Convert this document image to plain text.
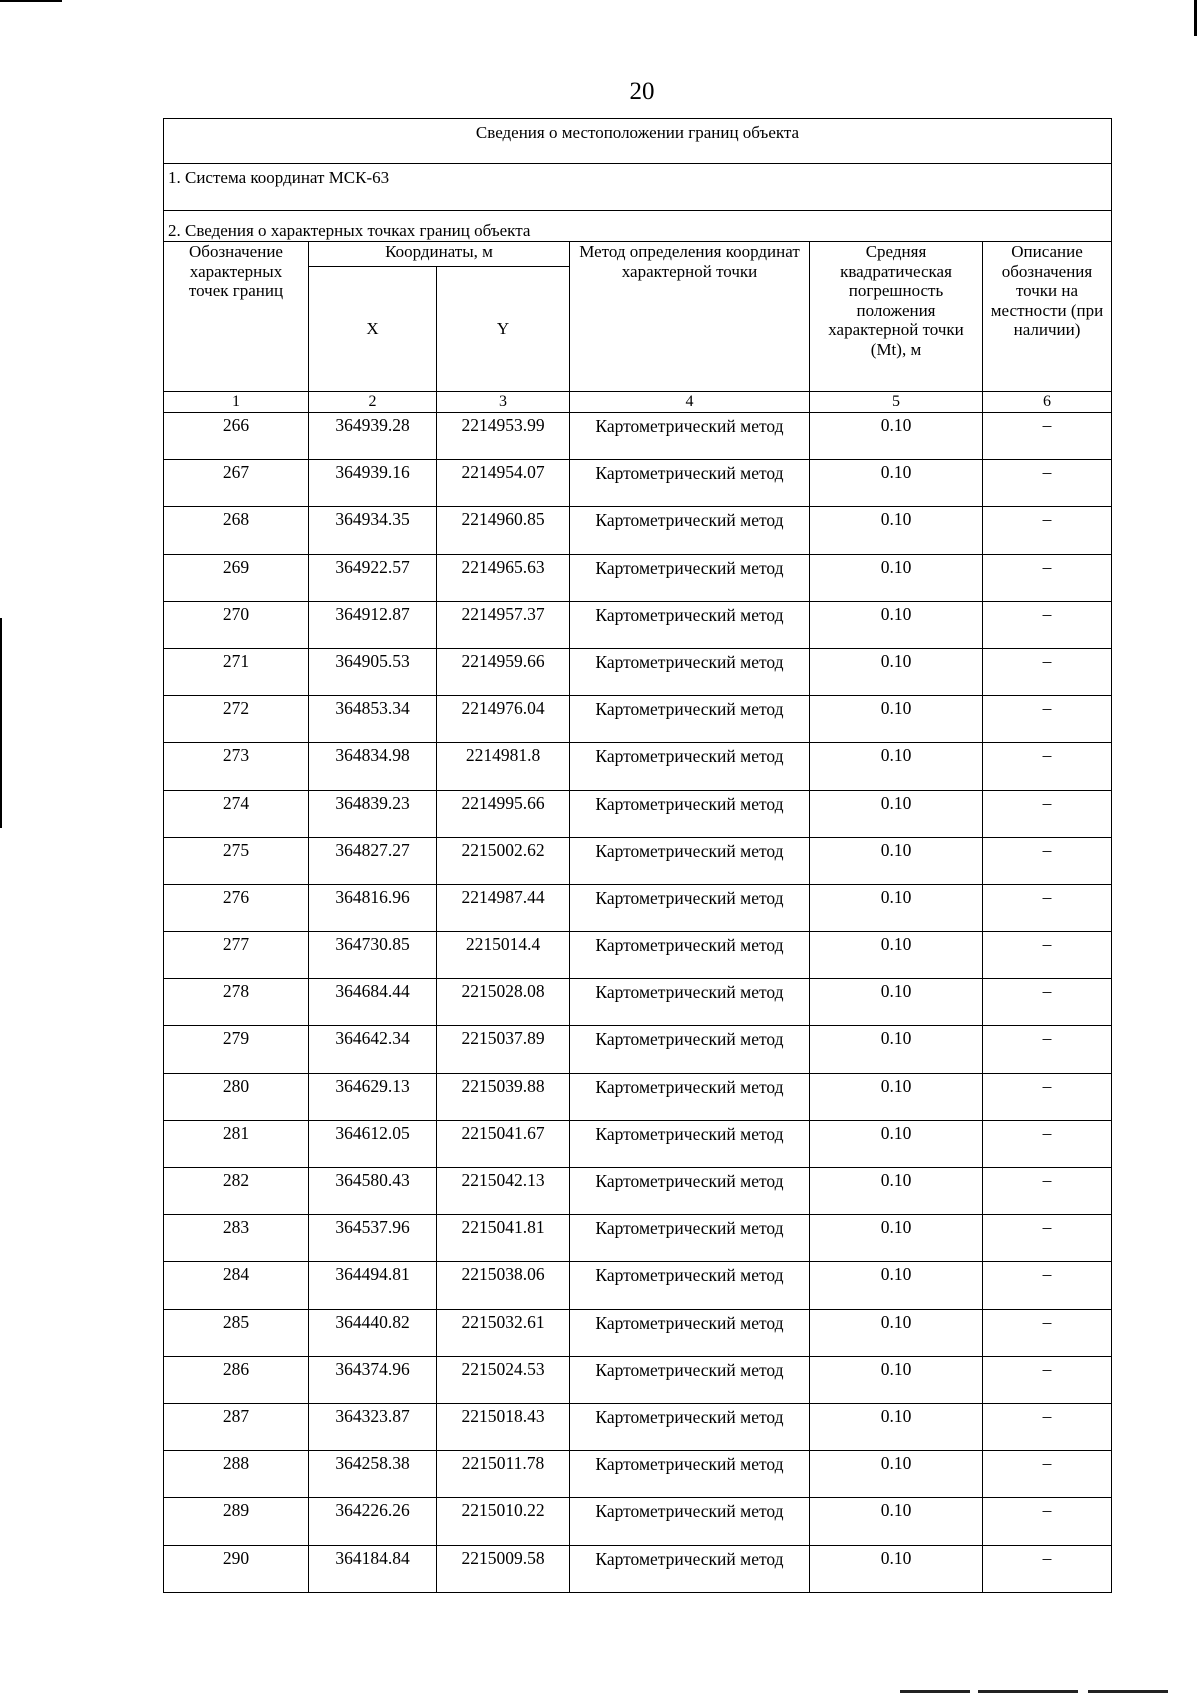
20
Сведения о местоположении границ объекта					
1. Система координат МСК-63					
2. Сведения о характерных точках границ объекта					
Обозначение характерных точек границ	Координаты, м		Метод определения координат характерной точки	Средняя квадратическая погрешность положения характерной точки (Mt), м	Описание обозначения точки на местности (при наличии)
	X	Y			
1	2	3	4	5	6
266	364939.28	2214953.99	Картометрический метод	0.10	–
267	364939.16	2214954.07	Картометрический метод	0.10	–
268	364934.35	2214960.85	Картометрический метод	0.10	–
269	364922.57	2214965.63	Картометрический метод	0.10	–
270	364912.87	2214957.37	Картометрический метод	0.10	–
271	364905.53	2214959.66	Картометрический метод	0.10	–
272	364853.34	2214976.04	Картометрический метод	0.10	–
273	364834.98	2214981.8	Картометрический метод	0.10	–
274	364839.23	2214995.66	Картометрический метод	0.10	–
275	364827.27	2215002.62	Картометрический метод	0.10	–
276	364816.96	2214987.44	Картометрический метод	0.10	–
277	364730.85	2215014.4	Картометрический метод	0.10	–
278	364684.44	2215028.08	Картометрический метод	0.10	–
279	364642.34	2215037.89	Картометрический метод	0.10	–
280	364629.13	2215039.88	Картометрический метод	0.10	–
281	364612.05	2215041.67	Картометрический метод	0.10	–
282	364580.43	2215042.13	Картометрический метод	0.10	–
283	364537.96	2215041.81	Картометрический метод	0.10	–
284	364494.81	2215038.06	Картометрический метод	0.10	–
285	364440.82	2215032.61	Картометрический метод	0.10	–
286	364374.96	2215024.53	Картометрический метод	0.10	–
287	364323.87	2215018.43	Картометрический метод	0.10	–
288	364258.38	2215011.78	Картометрический метод	0.10	–
289	364226.26	2215010.22	Картометрический метод	0.10	–
290	364184.84	2215009.58	Картометрический метод	0.10	–
